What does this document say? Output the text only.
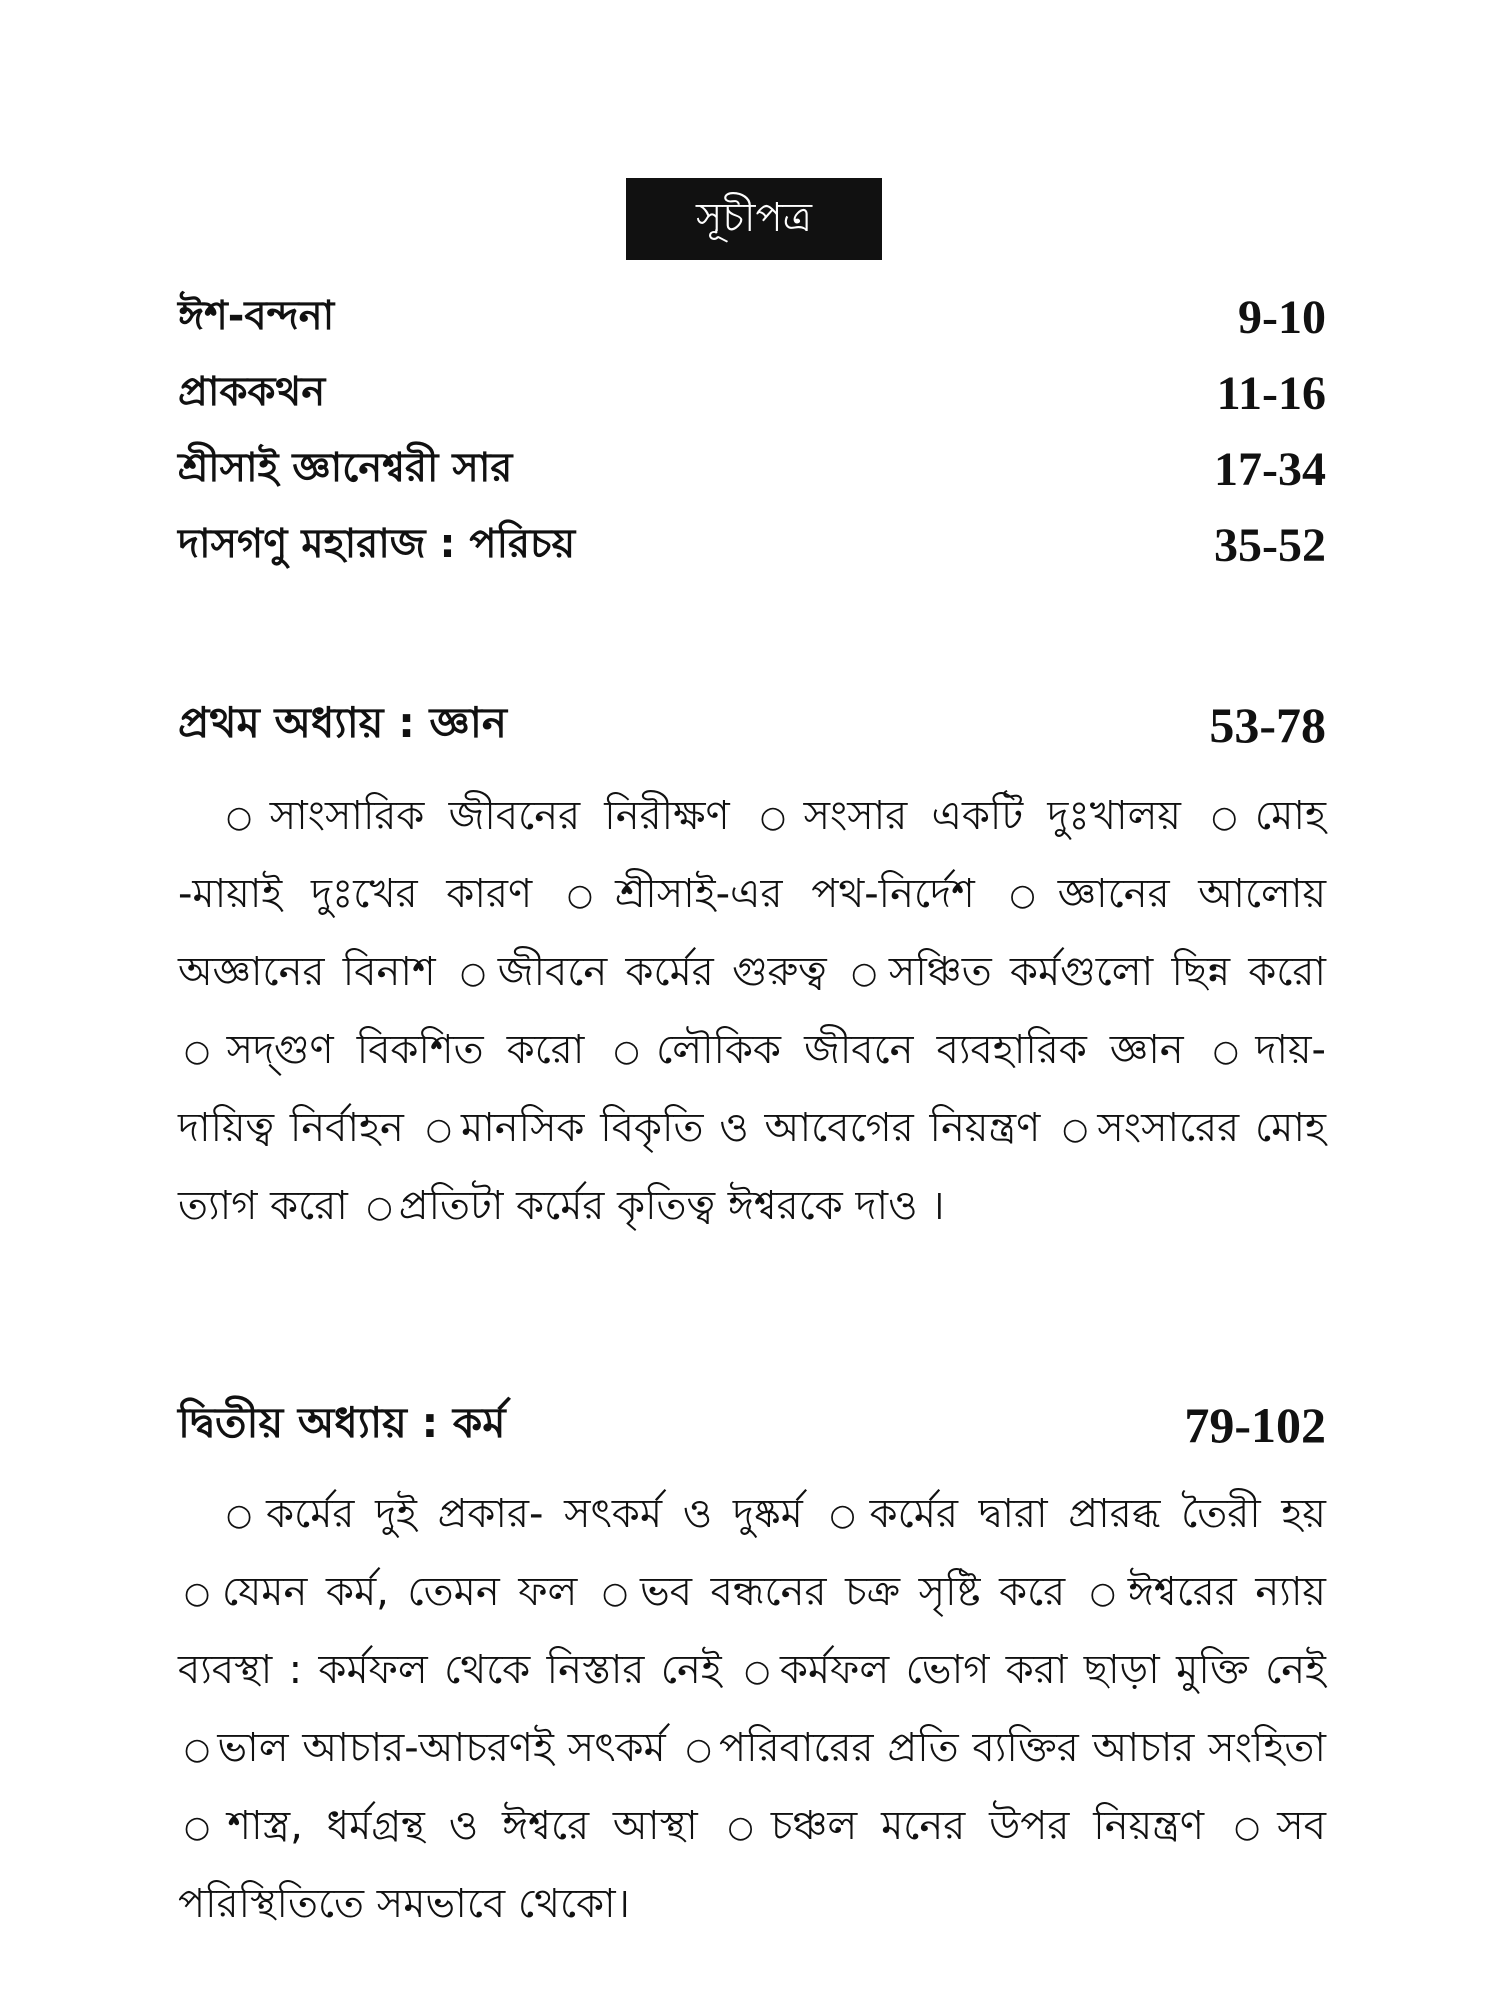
সূচীপত্র
ঈশ-বন্দনা	9-10
প্রাককথন	11-16
শ্রীসাই জ্ঞানেশ্বরী সার	17-34
দাসগণু মহারাজ : পরিচয়	35-52
প্রথম অধ্যায় : জ্ঞান	53-78
○ সাংসারিক জীবনের নিরীক্ষণ ○ সংসার একটি দুঃখালয় ○ মোহ -মায়াই দুঃখের কারণ ○ শ্রীসাই-এর পথ-নির্দেশ ○ জ্ঞানের আলোয় অজ্ঞানের বিনাশ ○ জীবনে কর্মের গুরুত্ব ○ সঞ্চিত কর্মগুলো ছিন্ন করো ○ সদ্‌গুণ বিকশিত করো ○ লৌকিক জীবনে ব্যবহারিক জ্ঞান ○ দায়- দায়িত্ব নির্বাহন ○ মানসিক বিকৃতি ও আবেগের নিয়ন্ত্রণ ○ সংসারের মোহ ত্যাগ করো ○ প্রতিটা কর্মের কৃতিত্ব ঈশ্বরকে দাও ।
দ্বিতীয় অধ্যায় : কর্ম	79-102
○ কর্মের দুই প্রকার- সৎকর্ম ও দুষ্কর্ম ○ কর্মের দ্বারা প্রারব্ধ তৈরী হয় ○ যেমন কর্ম, তেমন ফল ○ ভব বন্ধনের চক্র সৃষ্টি করে ○ ঈশ্বরের ন্যায় ব্যবস্থা : কর্মফল থেকে নিস্তার নেই ○ কর্মফল ভোগ করা ছাড়া মুক্তি নেই ○ ভাল আচার-আচরণই সৎকর্ম ○ পরিবারের প্রতি ব্যক্তির আচার সংহিতা ○ শাস্ত্র, ধর্মগ্রন্থ ও ঈশ্বরে আস্থা ○ চঞ্চল মনের উপর নিয়ন্ত্রণ ○ সব পরিস্থিতিতে সমভাবে থেকো।
